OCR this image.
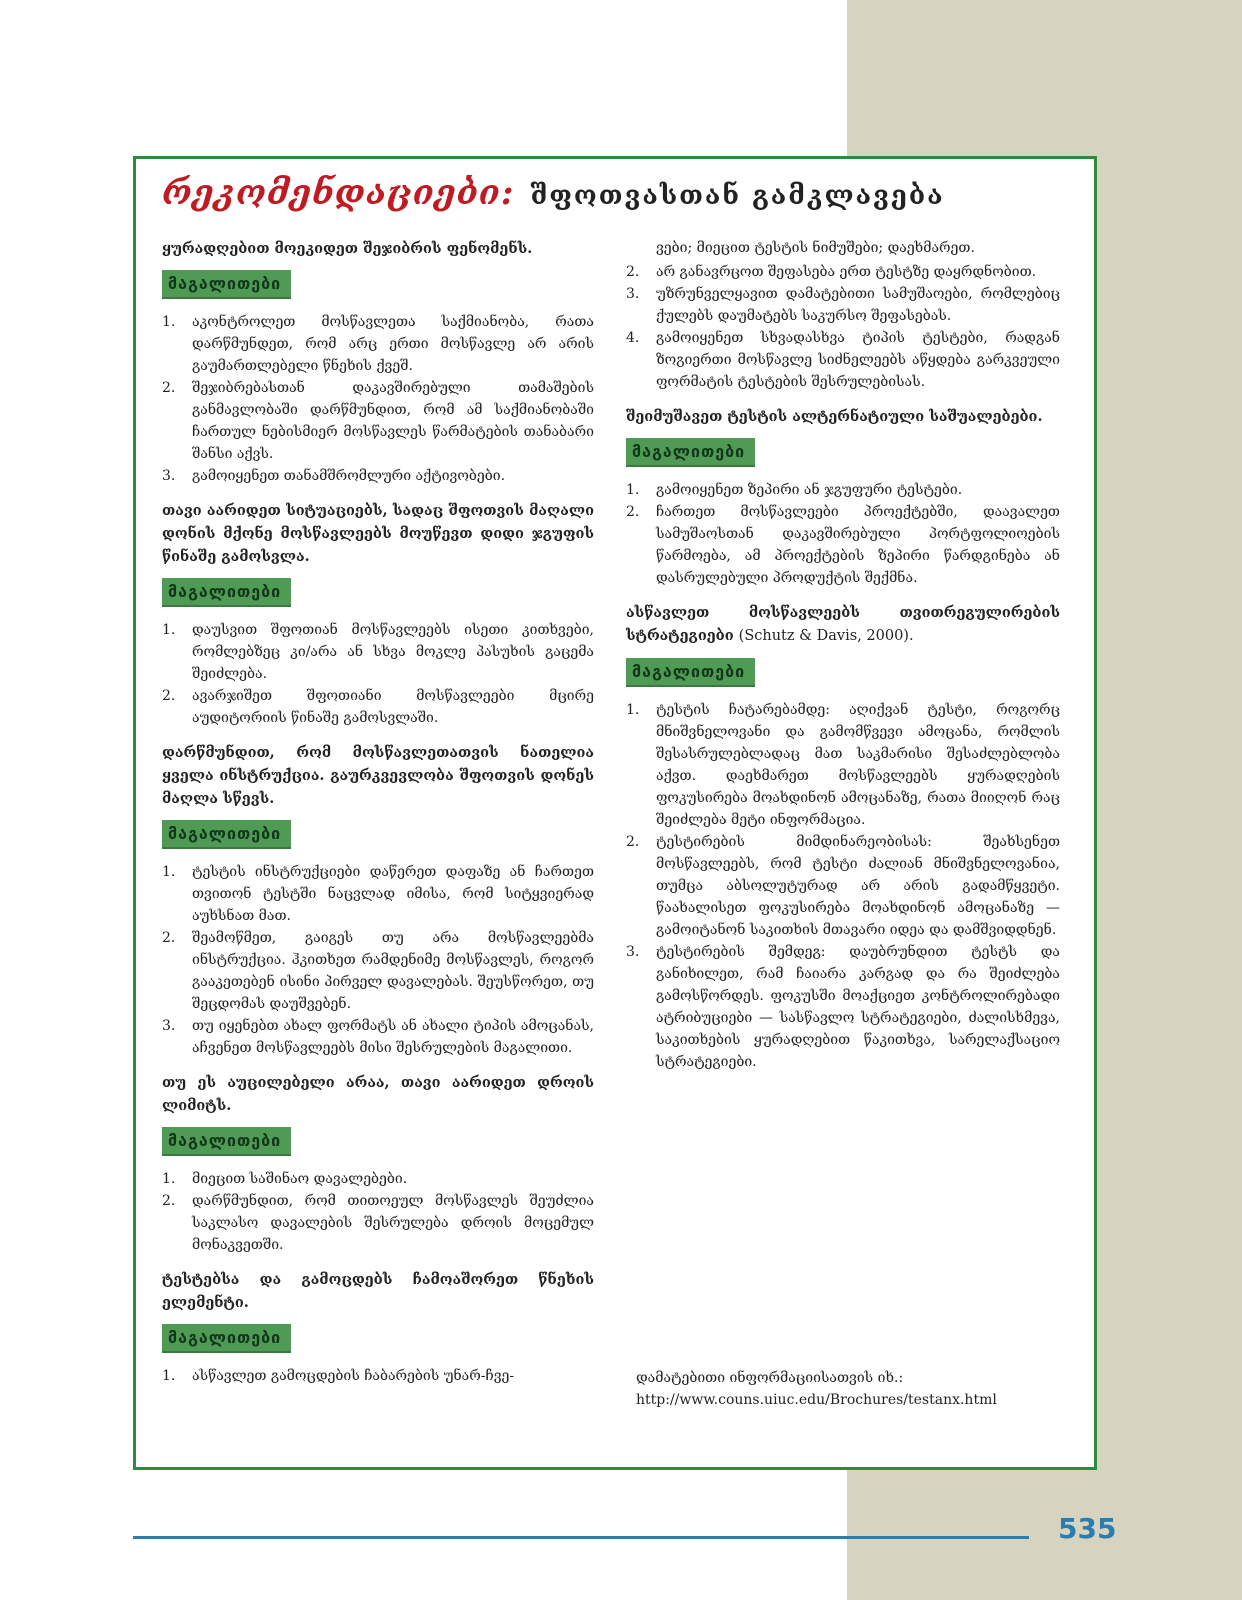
რეკომენდაციები: შფოთვასთან გამკლავება

ყურადღებით მოეკიდეთ შეჯიბრის ფენომენს.

მაგალითები
1.	აკონტროლეთ მოსწავლეთა საქმიანობა, რათა დარწმუნდეთ, რომ არც ერთი მოსწავლე არ არის გაუმართლებელი წნეხის ქვეშ.
2.	შეჯიბრებასთან დაკავშირებული თამაშების განმავლობაში დარწმუნდით, რომ ამ საქმიანობაში ჩართულ ნებისმიერ მოსწავლეს წარმატების თანაბარი შანსი აქვს.
3.	გამოიყენეთ თანამშრომლური აქტივობები.

თავი აარიდეთ სიტუაციებს, სადაც შფოთვის მაღალი დონის მქონე მოსწავლეებს მოუწევთ დიდი ჯგუფის წინაშე გამოსვლა.

მაგალითები
1.	დაუსვით შფოთიან მოსწავლეებს ისეთი კითხვები, რომლებზეც კი/არა ან სხვა მოკლე პასუხის გაცემა შეიძლება.
2.	ავარჯიშეთ შფოთიანი მოსწავლეები მცირე აუდიტორიის წინაშე გამოსვლაში.

დარწმუნდით, რომ მოსწავლეთათვის ნათელია ყველა ინსტრუქცია. გაურკვევლობა შფოთვის დონეს მაღლა სწევს.

მაგალითები
1.	ტესტის ინსტრუქციები დაწერეთ დაფაზე ან ჩართეთ თვითონ ტესტში ნაცვლად იმისა, რომ სიტყვიერად აუხსნათ მათ.
2.	შეამოწმეთ, გაიგეს თუ არა მოსწავლეებმა ინსტრუქცია. ჰკითხეთ რამდენიმე მოსწავლეს, როგორ გააკეთებენ ისინი პირველ დავალებას. შეუსწორეთ, თუ შეცდომას დაუშვებენ.
3.	თუ იყენებთ ახალ ფორმატს ან ახალი ტიპის ამოცანას, აჩვენეთ მოსწავლეებს მისი შესრულების მაგალითი.

თუ ეს აუცილებელი არაა, თავი აარიდეთ დროის ლიმიტს.

მაგალითები
1.	მიეცით საშინაო დავალებები.
2.	დარწმუნდით, რომ თითოეულ მოსწავლეს შეუძლია საკლასო დავალების შესრულება დროის მოცემულ მონაკვეთში.

ტესტებსა და გამოცდებს ჩამოაშორეთ წნეხის ელემენტი.

მაგალითები
1.	ასწავლეთ გამოცდების ჩაბარების უნარ-ჩვე-
ვები; მიეცით ტესტის ნიმუშები; დაეხმარეთ.
2.	არ განავრცოთ შეფასება ერთ ტესტზე დაყრდნობით.
3.	უზრუნველყავით დამატებითი სამუშაოები, რომლებიც ქულებს დაუმატებს საკურსო შეფასებას.
4.	გამოიყენეთ სხვადასხვა ტიპის ტესტები, რადგან ზოგიერთი მოსწავლე სიძნელეებს აწყდება გარკვეული ფორმატის ტესტების შესრულებისას.

შეიმუშავეთ ტესტის ალტერნატიული საშუალებები.

მაგალითები
1.	გამოიყენეთ ზეპირი ან ჯგუფური ტესტები.
2.	ჩართეთ მოსწავლეები პროექტებში, დაავალეთ სამუშაოსთან დაკავშირებული პორტფოლიოების წარმოება, ამ პროექტების ზეპირი წარდგინება ან დასრულებული პროდუქტის შექმნა.

ასწავლეთ მოსწავლეებს თვითრეგულირების სტრატეგიები (Schutz & Davis, 2000).

მაგალითები
1.	ტესტის ჩატარებამდე: აღიქვან ტესტი, როგორც მნიშვნელოვანი და გამომწვევი ამოცანა, რომლის შესასრულებლადაც მათ საკმარისი შესაძლებლობა აქვთ. დაეხმარეთ მოსწავლეებს ყურადღების ფოკუსირება მოახდინონ ამოცანაზე, რათა მიიღონ რაც შეიძლება მეტი ინფორმაცია.
2.	ტესტირების მიმდინარეობისას: შეახსენეთ მოსწავლეებს, რომ ტესტი ძალიან მნიშვნელოვანია, თუმცა აბსოლუტურად არ არის გადამწყვეტი. წაახალისეთ ფოკუსირება მოახდინონ ამოცანაზე — გამოიტანონ საკითხის მთავარი იდეა და დამშვიდდნენ.
3.	ტესტირების შემდეგ: დაუბრუნდით ტესტს და განიხილეთ, რამ ჩაიარა კარგად და რა შეიძლება გამოსწორდეს. ფოკუსში მოაქციეთ კონტროლირებადი ატრიბუციები — სასწავლო სტრატეგიები, ძალისხმევა, საკითხების ყურადღებით წაკითხვა, სარელაქსაციო სტრატეგიები.
დამატებითი ინფორმაციისათვის იხ.:
http://www.couns.uiuc.edu/Brochures/testanx.html
535
